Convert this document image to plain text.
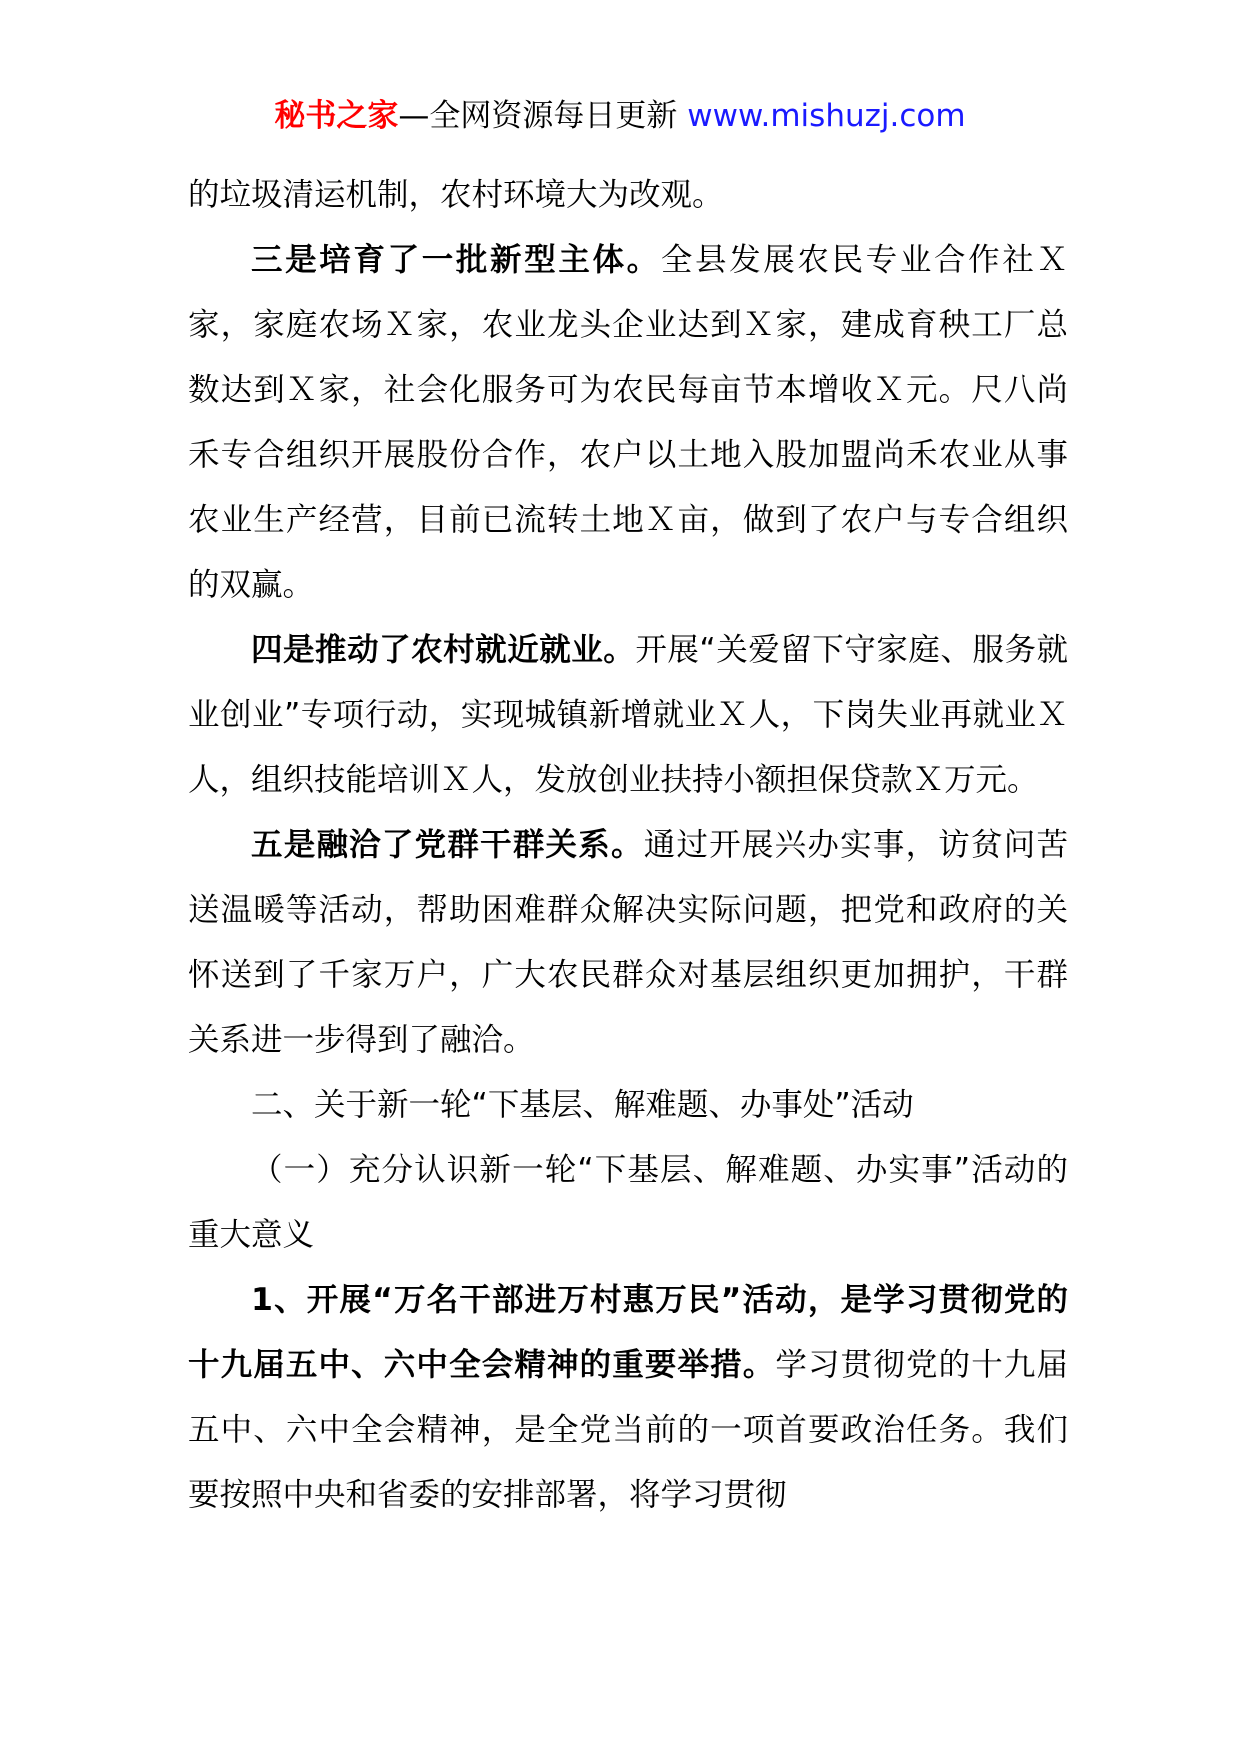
秘书之家—全网资源每日更新 www.mishuzj.com

的垃圾清运机制，农村环境大为改观。

三是培育了一批新型主体。全县发展农民专业合作社Ｘ家，家庭农场Ｘ家，农业龙头企业达到Ｘ家，建成育秧工厂总数达到Ｘ家，社会化服务可为农民每亩节本增收Ｘ元。尺八尚禾专合组织开展股份合作，农户以土地入股加盟尚禾农业从事农业生产经营，目前已流转土地Ｘ亩，做到了农户与专合组织的双赢。

四是推动了农村就近就业。开展“关爱留下守家庭、服务就业创业”专项行动，实现城镇新增就业Ｘ人，下岗失业再就业Ｘ人，组织技能培训Ｘ人，发放创业扶持小额担保贷款Ｘ万元。

五是融洽了党群干群关系。通过开展兴办实事，访贫问苦送温暖等活动，帮助困难群众解决实际问题，把党和政府的关怀送到了千家万户，广大农民群众对基层组织更加拥护，干群关系进一步得到了融洽。

二、关于新一轮“下基层、解难题、办事处”活动

（一）充分认识新一轮“下基层、解难题、办实事”活动的重大意义

1、开展“万名干部进万村惠万民”活动，是学习贯彻党的十九届五中、六中全会精神的重要举措。学习贯彻党的十九届五中、六中全会精神，是全党当前的一项首要政治任务。我们要按照中央和省委的安排部署，将学习贯彻
